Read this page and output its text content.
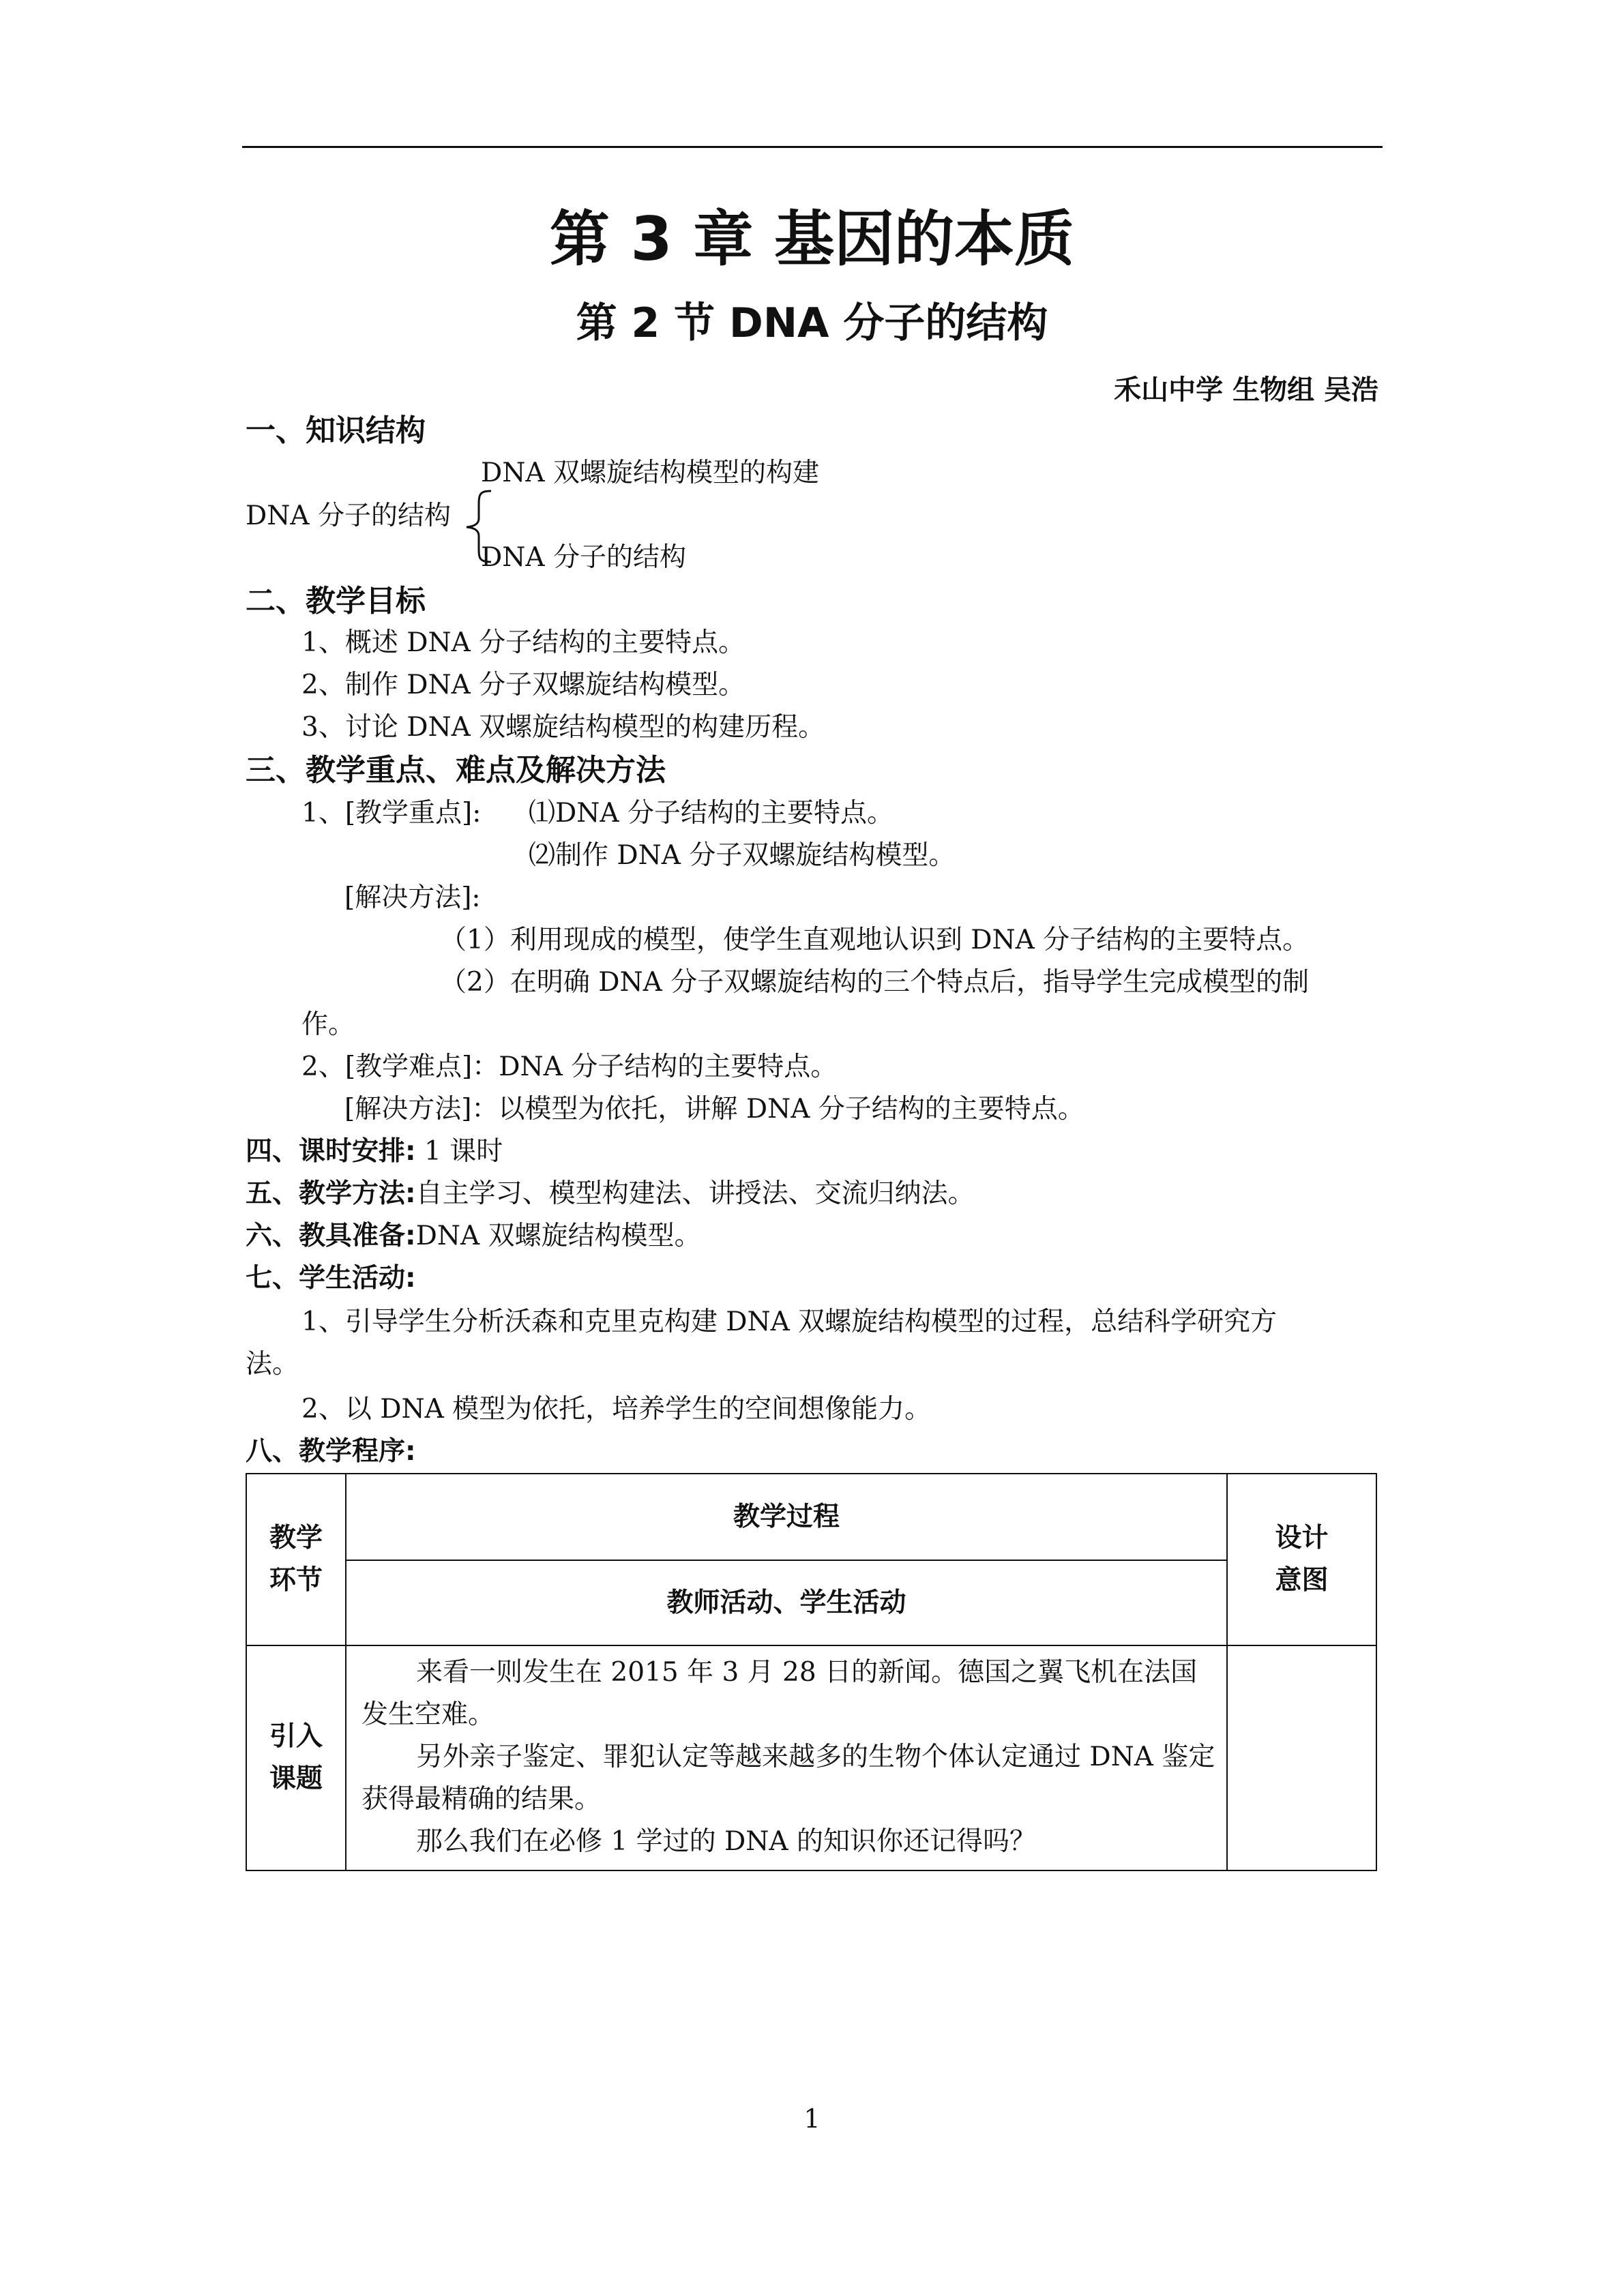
第 3 章 基因的本质
第 2 节 DNA 分子的结构
禾山中学 生物组 吴浩
一、知识结构
DNA 双螺旋结构模型的构建
DNA 分子的结构
DNA 分子的结构
二、教学目标
1、概述 DNA 分子结构的主要特点。
2、制作 DNA 分子双螺旋结构模型。
3、讨论 DNA 双螺旋结构模型的构建历程。
三、教学重点、难点及解决方法
1、[教学重点]: ⑴DNA 分子结构的主要特点。
⑵制作 DNA 分子双螺旋结构模型。
[解决方法]:
（1）利用现成的模型，使学生直观地认识到 DNA 分子结构的主要特点。
（2）在明确 DNA 分子双螺旋结构的三个特点后，指导学生完成模型的制
作。
2、[教学难点]：DNA 分子结构的主要特点。
[解决方法]：以模型为依托，讲解 DNA 分子结构的主要特点。
四、课时安排: 1 课时
五、教学方法:自主学习、模型构建法、讲授法、交流归纳法。
六、教具准备:DNA 双螺旋结构模型。
七、学生活动:
1、引导学生分析沃森和克里克构建 DNA 双螺旋结构模型的过程，总结科学研究方
法。
2、以 DNA 模型为依托，培养学生的空间想像能力。
八、教学程序:
教学环节	教学过程	设计意图

	教师活动、学生活动	

引入课题	来看一则发生在 2015 年 3 月 28 日的新闻。德国之翼飞机在法国发生空难。

另外亲子鉴定、罪犯认定等越来越多的生物个体认定通过 DNA 鉴定获得最精确的结果。

那么我们在必修 1 学过的 DNA 的知识你还记得吗？	

1
